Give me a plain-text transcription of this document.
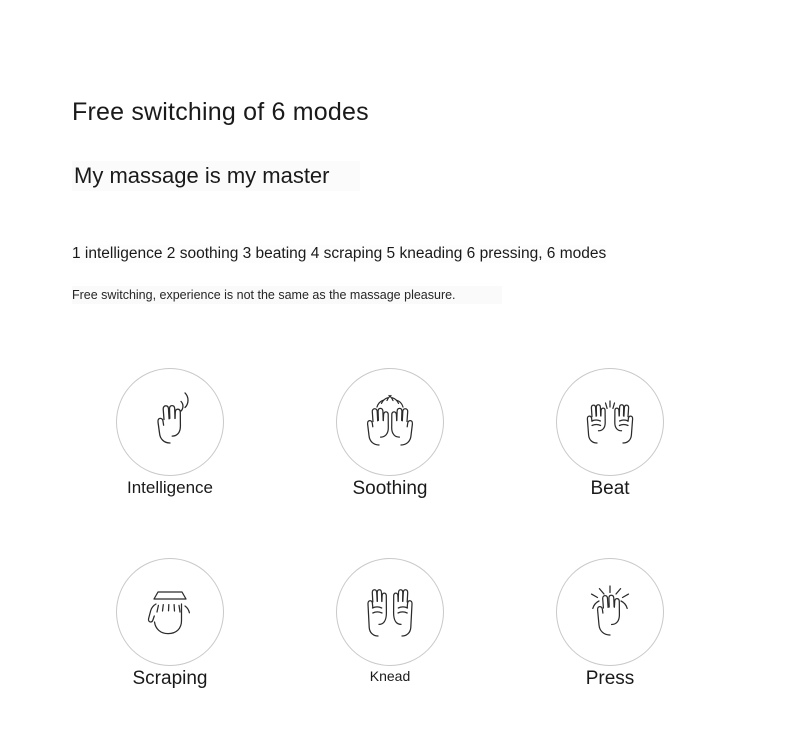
Free switching of 6 modes
My massage is my master
1 intelligence 2 soothing 3 beating 4 scraping 5 kneading 6 pressing, 6 modes
Free switching, experience is not the same as the massage pleasure.
Intelligence	Soothing	Beat
Scraping	Knead	Press
